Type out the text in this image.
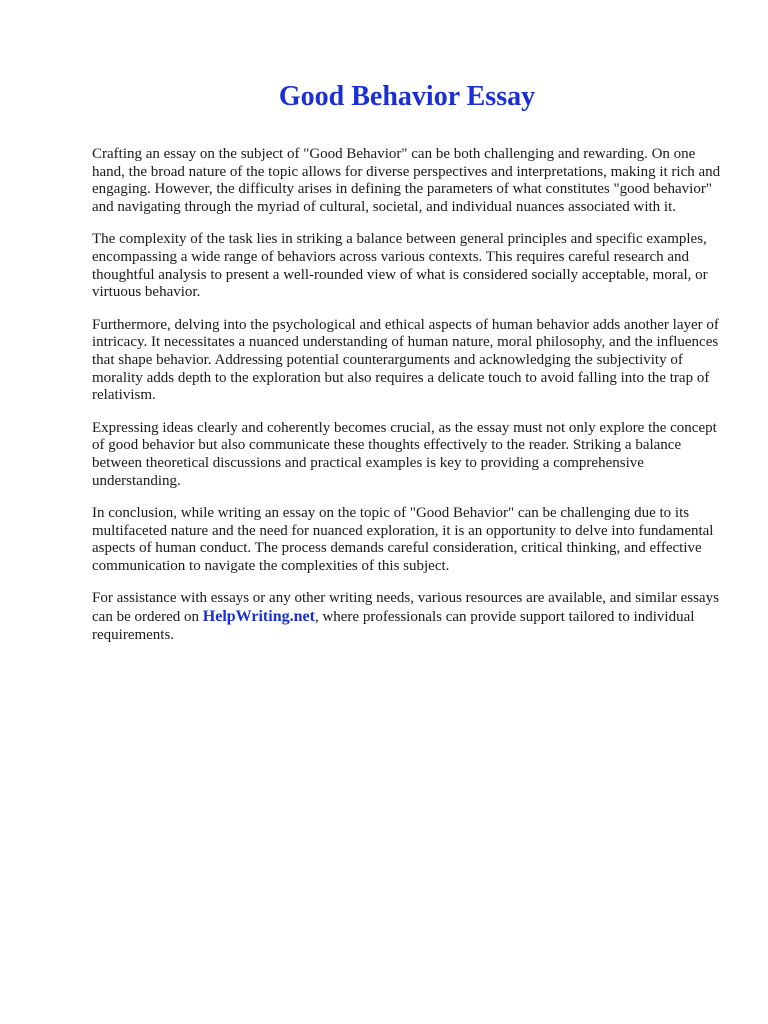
Good Behavior Essay

Crafting an essay on the subject of "Good Behavior" can be both challenging and rewarding. On one hand, the broad nature of the topic allows for diverse perspectives and interpretations, making it rich and engaging. However, the difficulty arises in defining the parameters of what constitutes "good behavior" and navigating through the myriad of cultural, societal, and individual nuances associated with it.

The complexity of the task lies in striking a balance between general principles and specific examples, encompassing a wide range of behaviors across various contexts. This requires careful research and thoughtful analysis to present a well-rounded view of what is considered socially acceptable, moral, or virtuous behavior.

Furthermore, delving into the psychological and ethical aspects of human behavior adds another layer of intricacy. It necessitates a nuanced understanding of human nature, moral philosophy, and the influences that shape behavior. Addressing potential counterarguments and acknowledging the subjectivity of morality adds depth to the exploration but also requires a delicate touch to avoid falling into the trap of relativism.

Expressing ideas clearly and coherently becomes crucial, as the essay must not only explore the concept of good behavior but also communicate these thoughts effectively to the reader. Striking a balance between theoretical discussions and practical examples is key to providing a comprehensive understanding.

In conclusion, while writing an essay on the topic of "Good Behavior" can be challenging due to its multifaceted nature and the need for nuanced exploration, it is an opportunity to delve into fundamental aspects of human conduct. The process demands careful consideration, critical thinking, and effective communication to navigate the complexities of this subject.

For assistance with essays or any other writing needs, various resources are available, and similar essays can be ordered on HelpWriting.net, where professionals can provide support tailored to individual requirements.
